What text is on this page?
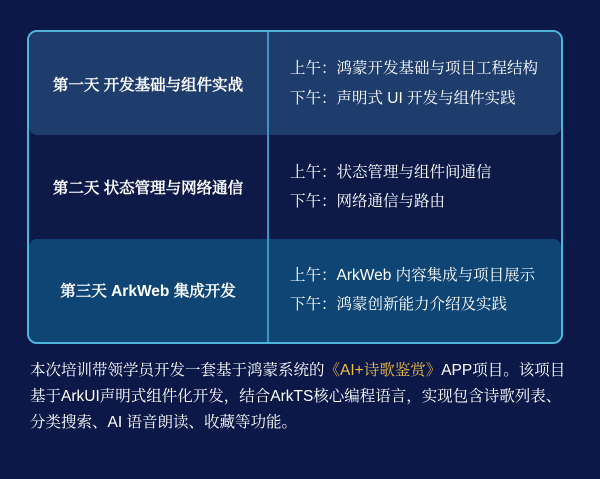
第一天 开发基础与组件实战
上午：鸿蒙开发基础与项目工程结构
下午：声明式 UI 开发与组件实践
第二天 状态管理与网络通信
上午：状态管理与组件间通信
下午：网络通信与路由
第三天 ArkWeb 集成开发
上午：ArkWeb 内容集成与项目展示
下午：鸿蒙创新能力介绍及实践

本次培训带领学员开发一套基于鸿蒙系统的《AI+诗歌鉴赏》APP项目。该项目基于ArkUI声明式组件化开发，结合ArkTS核心编程语言，实现包含诗歌列表、分类搜索、AI 语音朗读、收藏等功能。
